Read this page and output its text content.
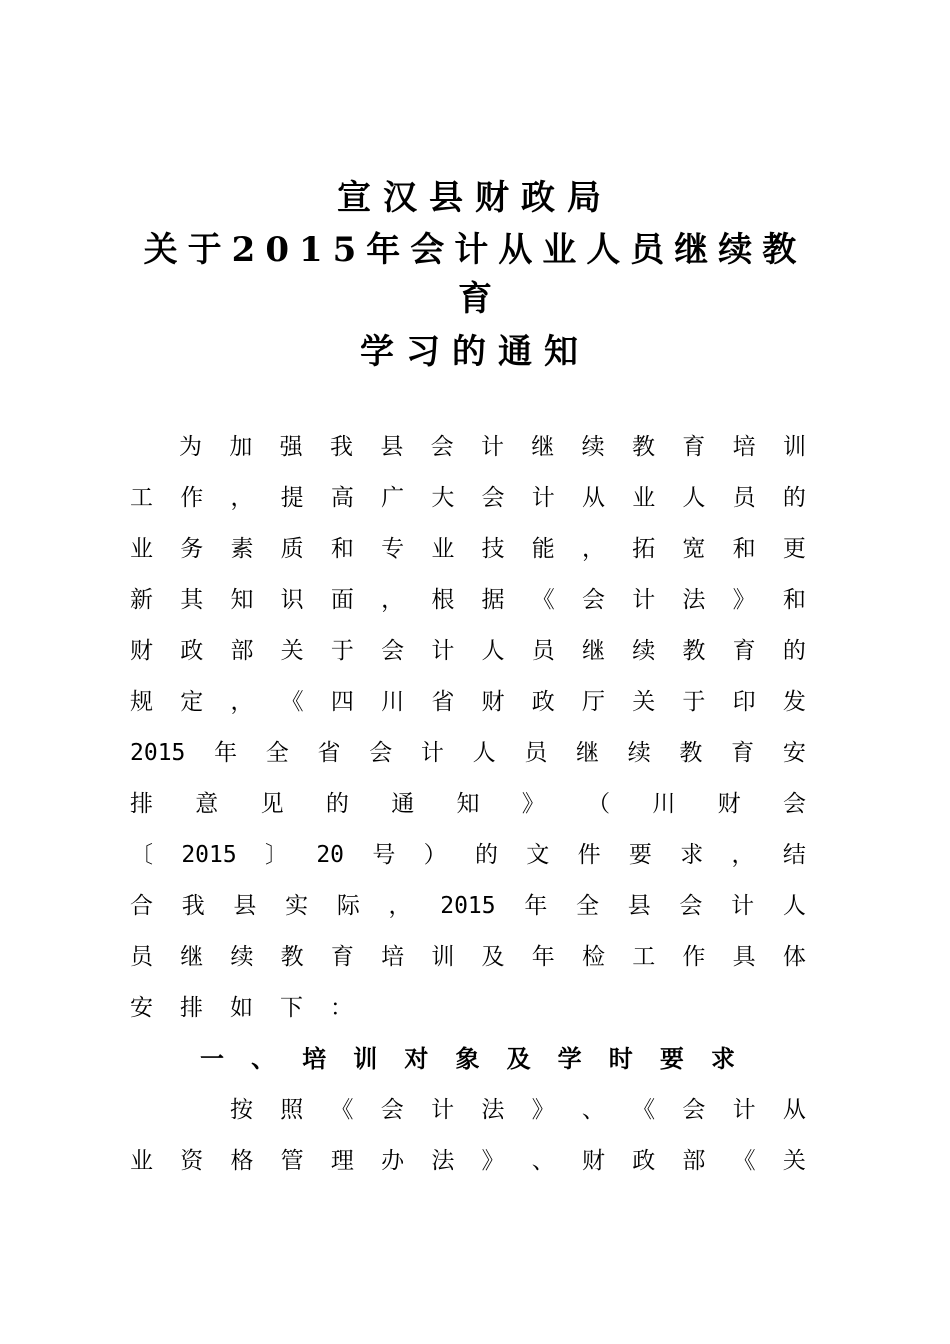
宣汉县财政局
关于2015年会计从业人员继续教
育
学习的通知
为 加 强 我 县 会 计 继 续 教 育 培 训
工 作 ， 提 高 广 大 会 计 从 业 人 员 的
业 务 素 质 和 专 业 技 能 ， 拓 宽 和 更
新 其 知 识 面 ， 根 据 《 会 计 法 》 和
财 政 部 关 于 会 计 人 员 继 续 教 育 的
规 定 ， 《 四 川 省 财 政 厅 关 于 印 发
2015 年 全 省 会 计 人 员 继 续 教 育 安
排 意 见 的 通 知 》 （ 川 财 会
〔 2015 〕 20 号 ） 的 文 件 要 求 ， 结
合 我 县 实 际 ， 2015 年 全 县 会 计 人
员 继 续 教 育 培 训 及 年 检 工 作 具 体
安 排 如 下 ：
一 、 培 训 对 象 及 学 时 要 求
按 照 《 会 计 法 》 、 《 会 计 从
业 资 格 管 理 办 法 》 、 财 政 部 《 关
